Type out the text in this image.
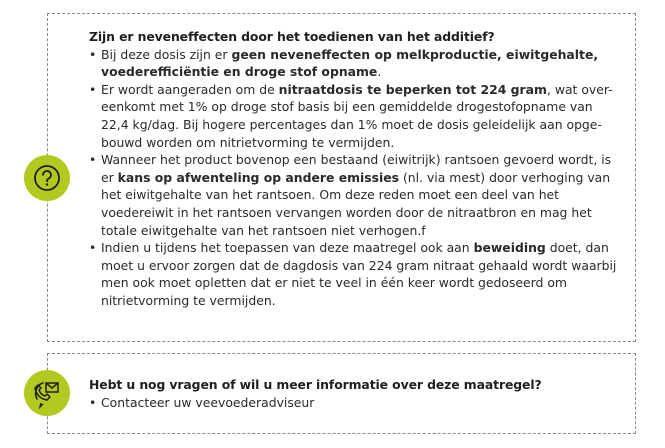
Zijn er neveneffecten door het toedienen van het additief?
• Bij deze dosis zijn er geen neveneffecten op melkproductie, eiwitgehalte, voederefficiëntie en droge stof opname.
• Er wordt aangeraden om de nitraatdosis te beperken tot 224 gram, wat over-eenkomt met 1% op droge stof basis bij een gemiddelde drogestofopname van 22,4 kg/dag. Bij hogere percentages dan 1% moet de dosis geleidelijk aan opge-bouwd worden om nitrietvorming te vermijden.
• Wanneer het product bovenop een bestaand (eiwitrijk) rantsoen gevoerd wordt, is er kans op afwenteling op andere emissies (nl. via mest) door verhoging van het eiwitgehalte van het rantsoen. Om deze reden moet een deel van het voedereiwit in het rantsoen vervangen worden door de nitraatbron en mag het totale eiwitgehalte van het rantsoen niet verhogen.f
• Indien u tijdens het toepassen van deze maatregel ook aan beweiding doet, dan moet u ervoor zorgen dat de dagdosis van 224 gram nitraat gehaald wordt waarbij men ook moet opletten dat er niet te veel in één keer wordt gedoseerd om nitrietvorming te vermijden.
Hebt u nog vragen of wil u meer informatie over deze maatregel?
• Contacteer uw veevoederadviseur
